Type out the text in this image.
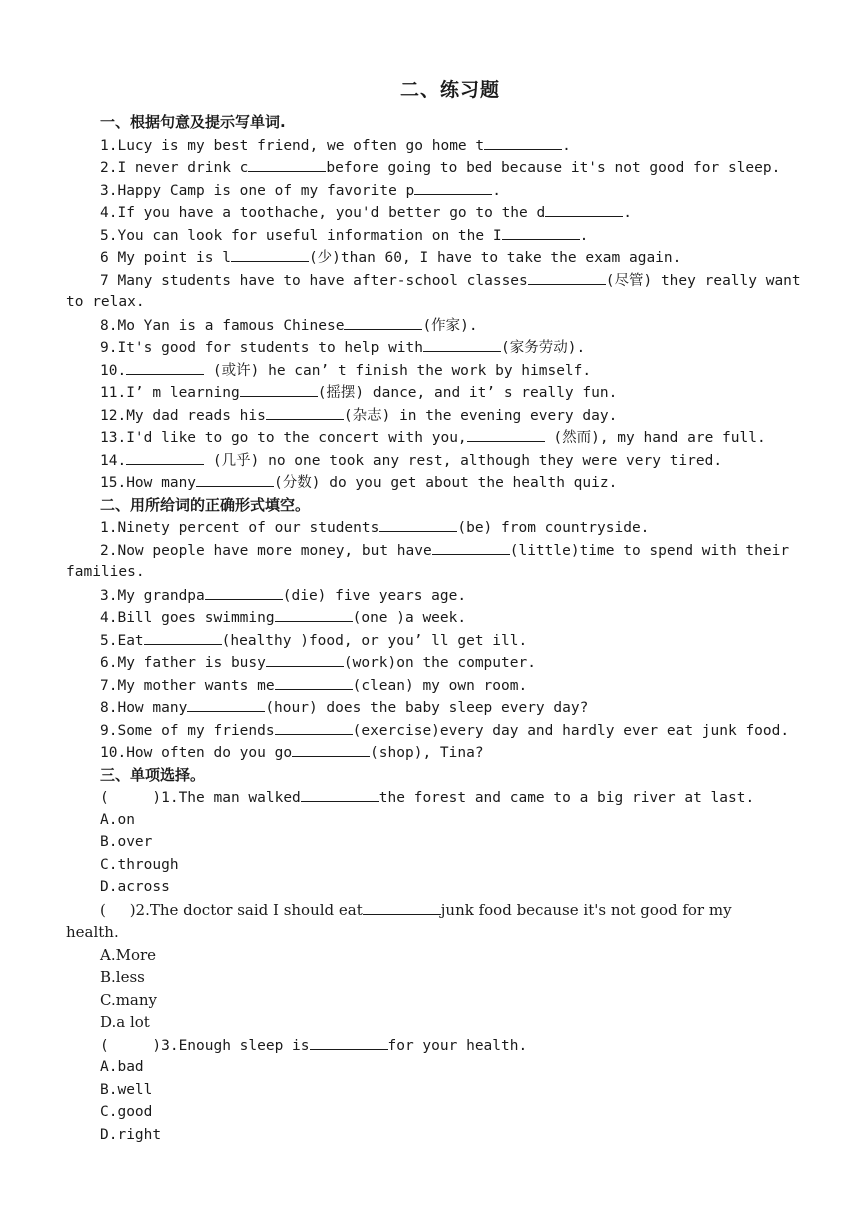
二、练习题
一、根据句意及提示写单词.
1.Lucy is my best friend, we often go home t	.
2.I never drink c	before going to bed because it's not good for sleep.
3.Happy Camp is one of my favorite p	.
4.If you have a toothache, you'd better go to the d	.
5.You can look for useful information on the I	.
6 My point is l	(少)than 60, I have to take the exam again.
7 Many students have to have after-school classes	(尽管) they really want
to relax.
8.Mo Yan is a famous Chinese	(作家).
9.It's good for students to help with	(家务劳动).
10.	(或许) he can’ t finish the work by himself.
11.I’ m learning	(摇摆) dance, and it’ s really fun.
12.My dad reads his	(杂志) in the evening every day.
13.I'd like to go to the concert with you,	(然而), my hand are full.
14.	(几乎) no one took any rest, although they were very tired.
15.How many	(分数) do you get about the health quiz.
二、用所给词的正确形式填空。
1.Ninety percent of our students	(be) from countryside.
2.Now people have more money, but have	(little)time to spend with their
families.
3.My grandpa	(die) five years age.
4.Bill goes swimming	(one )a week.
5.Eat	(healthy )food, or you’ ll get ill.
6.My father is busy	(work)on the computer.
7.My mother wants me	(clean) my own room.
8.How many	(hour) does the baby sleep every day?
9.Some of my friends	(exercise)every day and hardly ever eat junk food.
10.How often do you go	(shop), Tina?
三、单项选择。
(     )1.The man walked	the forest and came to a big river at last.
A.on
B.over
C.through
D.across
(     )2.The doctor said I should eat	junk food because it's not good for my
health.
A.More
B.less
C.many
D.a lot
(     )3.Enough sleep is	for your health.
A.bad
B.well
C.good
D.right
